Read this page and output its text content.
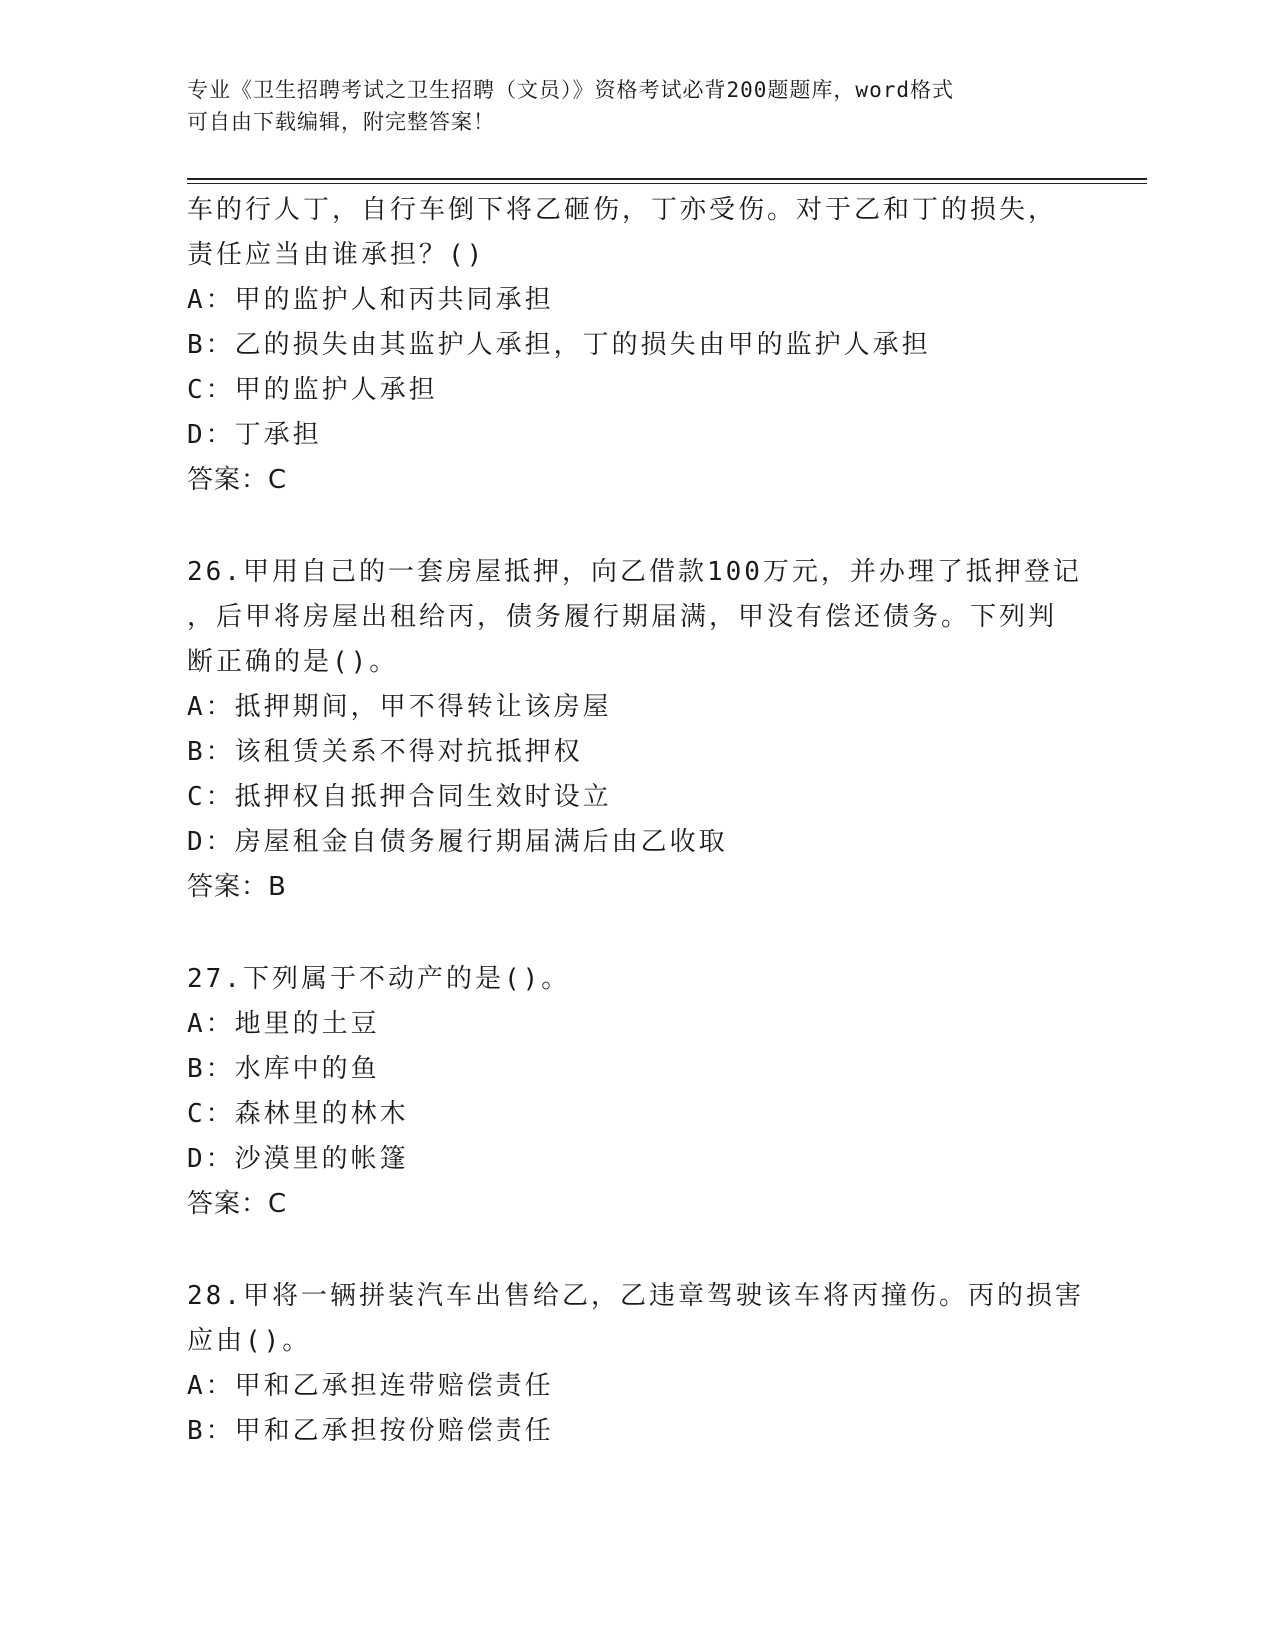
专业《卫生招聘考试之卫生招聘（文员）》资格考试必背200题题库，word格式
可自由下载编辑，附完整答案！
车的行人丁，自行车倒下将乙砸伤，丁亦受伤。对于乙和丁的损失，
责任应当由谁承担？()
A：甲的监护人和丙共同承担
B：乙的损失由其监护人承担，丁的损失由甲的监护人承担
C：甲的监护人承担
D：丁承担
答案：C
26.甲用自己的一套房屋抵押，向乙借款100万元，并办理了抵押登记
，后甲将房屋出租给丙，债务履行期届满，甲没有偿还债务。下列判
断正确的是()。
A：抵押期间，甲不得转让该房屋
B：该租赁关系不得对抗抵押权
C：抵押权自抵押合同生效时设立
D：房屋租金自债务履行期届满后由乙收取
答案：B
27.下列属于不动产的是()。
A：地里的土豆
B：水库中的鱼
C：森林里的林木
D：沙漠里的帐篷
答案：C
28.甲将一辆拼装汽车出售给乙，乙违章驾驶该车将丙撞伤。丙的损害
应由()。
A：甲和乙承担连带赔偿责任
B：甲和乙承担按份赔偿责任
